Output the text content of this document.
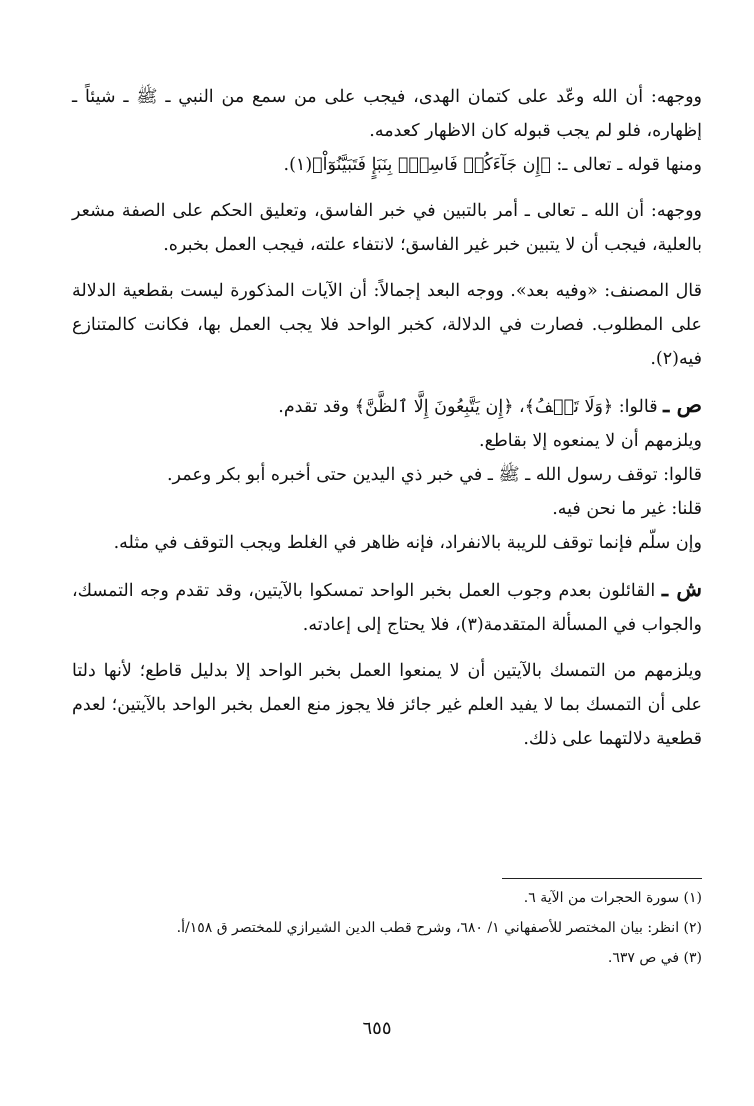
ووجهه: أن الله وعّد على كتمان الهدى، فيجب على من سمع من النبي ـ ﷺ ـ شيئاً ـ إظهاره، فلو لم يجب قبوله كان الاظهار كعدمه.

ومنها قوله ـ تعالى ـ: ﴿إِن جَآءَكُمۡ فَاسِقُۢ بِنَبَإٍ فَتَبَيَّنُوٓاْ﴾(١).

ووجهه: أن الله ـ تعالى ـ أمر بالتبين في خبر الفاسق، وتعليق الحكم على الصفة مشعر بالعلية، فيجب أن لا يتبين خبر غير الفاسق؛ لانتفاء علته، فيجب العمل بخبره.

قال المصنف: «وفيه بعد». ووجه البعد إجمالاً: أن الآيات المذكورة ليست بقطعية الدلالة على المطلوب. فصارت في الدلالة، كخبر الواحد فلا يجب العمل بها، فكانت كالمتنازع فيه(٢).

ص ـ قالوا: ﴿وَلَا تَقۡفُ﴾، ﴿إِن يَتَّبِعُونَ إِلَّا ٱلظَّنَّ﴾ وقد تقدم.

ويلزمهم أن لا يمنعوه إلا بقاطع.

قالوا: توقف رسول الله ـ ﷺ ـ في خبر ذي اليدين حتى أخبره أبو بكر وعمر.

قلنا: غير ما نحن فيه.

وإن سلّم فإنما توقف للريبة بالانفراد، فإنه ظاهر في الغلط ويجب التوقف في مثله.

ش ـ القائلون بعدم وجوب العمل بخبر الواحد تمسكوا بالآيتين، وقد تقدم وجه التمسك، والجواب في المسألة المتقدمة(٣)، فلا يحتاج إلى إعادته.

ويلزمهم من التمسك بالآيتين أن لا يمنعوا العمل بخبر الواحد إلا بدليل قاطع؛ لأنها دلتا على أن التمسك بما لا يفيد العلم غير جائز فلا يجوز منع العمل بخبر الواحد بالآيتين؛ لعدم قطعية دلالتهما على ذلك.

(١) سورة الحجرات من الآية ٦.

(٢) انظر: بيان المختصر للأصفهاني ١/ ٦٨٠، وشرح قطب الدين الشيرازي للمختصر ق ١٥٨/أ.

(٣) في ص ٦٣٧.

٦٥٥
